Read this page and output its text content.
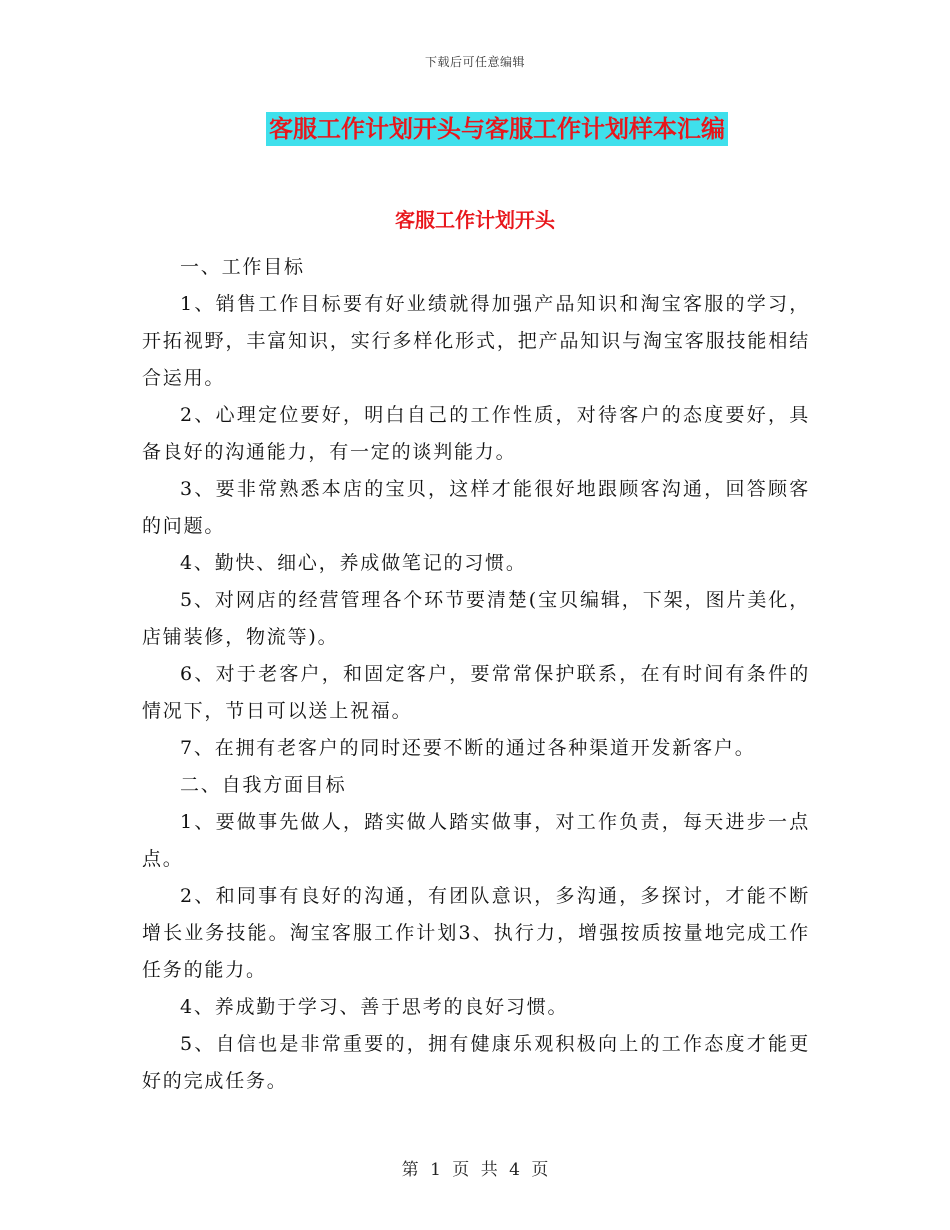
下载后可任意编辑
客服工作计划开头与客服工作计划样本汇编
客服工作计划开头

一、工作目标

1、销售工作目标要有好业绩就得加强产品知识和淘宝客服的学习，开拓视野，丰富知识，实行多样化形式，把产品知识与淘宝客服技能相结合运用。

2、心理定位要好，明白自己的工作性质，对待客户的态度要好，具备良好的沟通能力，有一定的谈判能力。

3、要非常熟悉本店的宝贝，这样才能很好地跟顾客沟通，回答顾客的问题。

4、勤快、细心，养成做笔记的习惯。

5、对网店的经营管理各个环节要清楚(宝贝编辑，下架，图片美化，店铺装修，物流等)。

6、对于老客户，和固定客户，要常常保护联系，在有时间有条件的情况下，节日可以送上祝福。

7、在拥有老客户的同时还要不断的通过各种渠道开发新客户。

二、自我方面目标

1、要做事先做人，踏实做人踏实做事，对工作负责，每天进步一点点。

2、和同事有良好的沟通，有团队意识，多沟通，多探讨，才能不断增长业务技能。淘宝客服工作计划3、执行力，增强按质按量地完成工作任务的能力。

4、养成勤于学习、善于思考的良好习惯。

5、自信也是非常重要的，拥有健康乐观积极向上的工作态度才能更好的完成任务。

第 1 页 共 4 页
